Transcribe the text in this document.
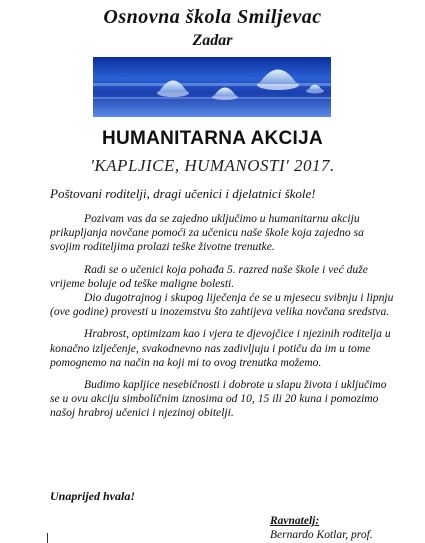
Osnovna škola Smiljevac
Zadar
HUMANITARNA AKCIJA
'KAPLJICE, HUMANOSTI' 2017.
Poštovani roditelji, dragi učenici i djelatnici škole!

Pozivam vas da se zajedno uključimo u humanitarnu akciju prikupljanja novčane pomoći za učenicu naše škole koja zajedno sa svojim roditeljima prolazi teške životne trenutke.

Radi se o učenici koja pohađa 5. razred naše škole i već duže vrijeme boluje od teške maligne bolesti.

Dio dugotrajnog i skupog liječenja će se u mjesecu svibnju i lipnju (ove godine) provesti u inozemstvu što zahtijeva velika novčana sredstva.

Hrabrost, optimizam kao i vjera te djevojčice i njezinih roditelja u konačno izlječenje, svakodnevno nas zadivljuju i potiču da im u tome pomognemo na način na koji mi to ovog trenutka možemo.

Budimo kapljice nesebičnosti i dobrote u slapu života i uključimo se u ovu akciju simboličnim iznosima od 10, 15 ili 20 kuna i pomozimo našoj hrabroj učenici i njezinoj obitelji.

Unaprijed hvala!
Ravnatelj:
Bernardo Kotlar, prof.
